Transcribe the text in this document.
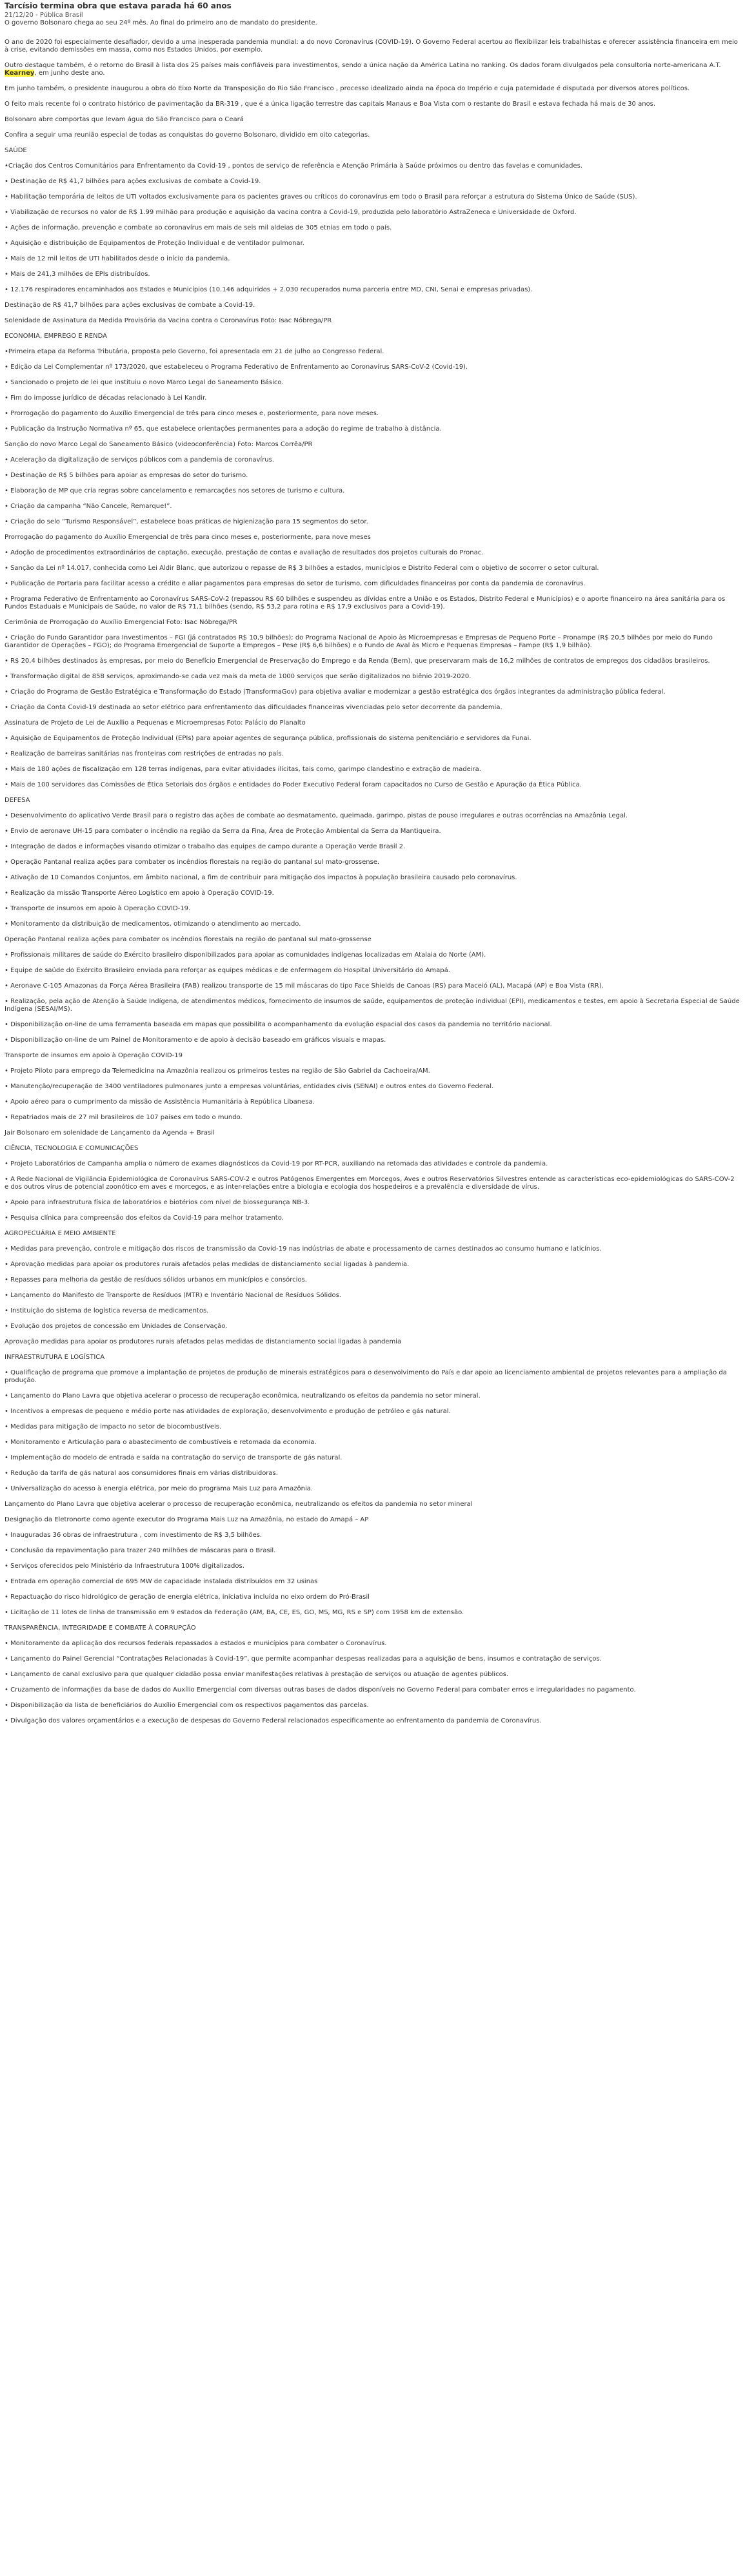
Tarcísio termina obra que estava parada há 60 anos
21/12/20 - Pública Brasil

O governo Bolsonaro chega ao seu 24º mês. Ao final do primeiro ano de mandato do presidente.

O ano de 2020 foi especialmente desafiador, devido a uma inesperada pandemia mundial: a do novo Coronavírus (COVID-19). O Governo Federal acertou ao flexibilizar leis trabalhistas e oferecer assistência financeira em meio à crise, evitando demissões em massa, como nos Estados Unidos, por exemplo.

Outro destaque também, é o retorno do Brasil à lista dos 25 países mais confiáveis para investimentos, sendo a única nação da América Latina no ranking. Os dados foram divulgados pela consultoria norte-americana A.T. Kearney, em junho deste ano.

Em junho também, o presidente inaugurou a obra do Eixo Norte da Transposição do Rio São Francisco , processo idealizado ainda na época do Império e cuja paternidade é disputada por diversos atores políticos.

O feito mais recente foi o contrato histórico de pavimentação da BR-319 , que é a única ligação terrestre das capitais Manaus e Boa Vista com o restante do Brasil e estava fechada há mais de 30 anos.

Bolsonaro abre comportas que levam água do São Francisco para o Ceará

Confira a seguir uma reunião especial de todas as conquistas do governo Bolsonaro, dividido em oito categorias.

SAÚDE

•Criação dos Centros Comunitários para Enfrentamento da Covid-19 , pontos de serviço de referência e Atenção Primária à Saúde próximos ou dentro das favelas e comunidades.

• Destinação de R$ 41,7 bilhões para ações exclusivas de combate a Covid-19.

• Habilitação temporária de leitos de UTI voltados exclusivamente para os pacientes graves ou críticos do coronavírus em todo o Brasil para reforçar a estrutura do Sistema Único de Saúde (SUS).

• Viabilização de recursos no valor de R$ 1.99 milhão para produção e aquisição da vacina contra a Covid-19, produzida pelo laboratório AstraZeneca e Universidade de Oxford.

• Ações de informação, prevenção e combate ao coronavírus em mais de seis mil aldeias de 305 etnias em todo o país.

• Aquisição e distribuição de Equipamentos de Proteção Individual e de ventilador pulmonar.

• Mais de 12 mil leitos de UTI habilitados desde o início da pandemia.

• Mais de 241,3 milhões de EPIs distribuídos.

• 12.176 respiradores encaminhados aos Estados e Municípios (10.146 adquiridos + 2.030 recuperados numa parceria entre MD, CNI, Senai e empresas privadas).

Destinação de R$ 41,7 bilhões para ações exclusivas de combate a Covid-19.

Solenidade de Assinatura da Medida Provisória da Vacina contra o Coronavírus Foto: Isac Nóbrega/PR

ECONOMIA, EMPREGO E RENDA

•Primeira etapa da Reforma Tributária, proposta pelo Governo, foi apresentada em 21 de julho ao Congresso Federal.

• Edição da Lei Complementar nº 173/2020, que estabeleceu o Programa Federativo de Enfrentamento ao Coronavírus SARS-CoV-2 (Covid-19).

• Sancionado o projeto de lei que instituiu o novo Marco Legal do Saneamento Básico.

• Fim do imposse jurídico de décadas relacionado à Lei Kandir.

• Prorrogação do pagamento do Auxílio Emergencial de três para cinco meses e, posteriormente, para nove meses.

• Publicação da Instrução Normativa nº 65, que estabelece orientações permanentes para a adoção do regime de trabalho à distância.

Sanção do novo Marco Legal do Saneamento Básico (videoconferência) Foto: Marcos Corrêa/PR

• Aceleração da digitalização de serviços públicos com a pandemia de coronavírus.

• Destinação de R$ 5 bilhões para apoiar as empresas do setor do turismo.

• Elaboração de MP que cria regras sobre cancelamento e remarcações nos setores de turismo e cultura.

• Criação da campanha “Não Cancele, Remarque!”.

• Criação do selo “Turismo Responsável”, estabelece boas práticas de higienização para 15 segmentos do setor.

Prorrogação do pagamento do Auxílio Emergencial de três para cinco meses e, posteriormente, para nove meses

• Adoção de procedimentos extraordinários de captação, execução, prestação de contas e avaliação de resultados dos projetos culturais do Pronac.

• Sanção da Lei nº 14.017, conhecida como Lei Aldir Blanc, que autorizou o repasse de R$ 3 bilhões a estados, municípios e Distrito Federal com o objetivo de socorrer o setor cultural.

• Publicação de Portaria para facilitar acesso a crédito e aliar pagamentos para empresas do setor de turismo, com dificuldades financeiras por conta da pandemia de coronavírus.

• Programa Federativo de Enfrentamento ao Coronavírus SARS-CoV-2 (repassou R$ 60 bilhões e suspendeu as dívidas entre a União e os Estados, Distrito Federal e Municípios) e o aporte financeiro na área sanitária para os Fundos Estaduais e Municipais de Saúde, no valor de R$ 71,1 bilhões (sendo, R$ 53,2 para rotina e R$ 17,9 exclusivos para a Covid-19).

Cerimônia de Prorrogação do Auxílio Emergencial Foto: Isac Nóbrega/PR

• Criação do Fundo Garantidor para Investimentos – FGI (já contratados R$ 10,9 bilhões); do Programa Nacional de Apoio às Microempresas e Empresas de Pequeno Porte – Pronampe (R$ 20,5 bilhões por meio do Fundo Garantidor de Operações – FGO); do Programa Emergencial de Suporte a Empregos – Pese (R$ 6,6 bilhões) e o Fundo de Aval às Micro e Pequenas Empresas – Fampe (R$ 1,9 bilhão).

• R$ 20,4 bilhões destinados às empresas, por meio do Benefício Emergencial de Preservação do Emprego e da Renda (Bem), que preservaram mais de 16,2 milhões de contratos de empregos dos cidadãos brasileiros.

• Transformação digital de 858 serviços, aproximando-se cada vez mais da meta de 1000 serviços que serão digitalizados no biênio 2019-2020.

• Criação do Programa de Gestão Estratégica e Transformação do Estado (TransformaGov) para objetiva avaliar e modernizar a gestão estratégica dos órgãos integrantes da administração pública federal.

• Criação da Conta Covid-19 destinada ao setor elétrico para enfrentamento das dificuldades financeiras vivenciadas pelo setor decorrente da pandemia.

Assinatura de Projeto de Lei de Auxílio a Pequenas e Microempresas Foto: Palácio do Planalto

• Aquisição de Equipamentos de Proteção Individual (EPIs) para apoiar agentes de segurança pública, profissionais do sistema penitenciário e servidores da Funai.

• Realização de barreiras sanitárias nas fronteiras com restrições de entradas no país.

• Mais de 180 ações de fiscalização em 128 terras indígenas, para evitar atividades ilícitas, tais como, garimpo clandestino e extração de madeira.

• Mais de 100 servidores das Comissões de Ética Setoriais dos órgãos e entidades do Poder Executivo Federal foram capacitados no Curso de Gestão e Apuração da Ética Pública.

DEFESA

• Desenvolvimento do aplicativo Verde Brasil para o registro das ações de combate ao desmatamento, queimada, garimpo, pistas de pouso irregulares e outras ocorrências na Amazônia Legal.

• Envio de aeronave UH-15 para combater o incêndio na região da Serra da Fina, Área de Proteção Ambiental da Serra da Mantiqueira.

• Integração de dados e informações visando otimizar o trabalho das equipes de campo durante a Operação Verde Brasil 2.

• Operação Pantanal realiza ações para combater os incêndios florestais na região do pantanal sul mato-grossense.

• Ativação de 10 Comandos Conjuntos, em âmbito nacional, a fim de contribuir para mitigação dos impactos à população brasileira causado pelo coronavírus.

• Realização da missão Transporte Aéreo Logístico em apoio à Operação COVID-19.

• Transporte de insumos em apoio à Operação COVID-19.

• Monitoramento da distribuição de medicamentos, otimizando o atendimento ao mercado.

Operação Pantanal realiza ações para combater os incêndios florestais na região do pantanal sul mato-grossense

• Profissionais militares de saúde do Exército brasileiro disponibilizados para apoiar as comunidades indígenas localizadas em Atalaia do Norte (AM).

• Equipe de saúde do Exército Brasileiro enviada para reforçar as equipes médicas e de enfermagem do Hospital Universitário do Amapá.

• Aeronave C-105 Amazonas da Força Aérea Brasileira (FAB) realizou transporte de 15 mil máscaras do tipo Face Shields de Canoas (RS) para Maceió (AL), Macapá (AP) e Boa Vista (RR).

• Realização, pela ação de Atenção à Saúde Indígena, de atendimentos médicos, fornecimento de insumos de saúde, equipamentos de proteção individual (EPI), medicamentos e testes, em apoio à Secretaria Especial de Saúde Indígena (SESAI/MS).

• Disponibilização on-line de uma ferramenta baseada em mapas que possibilita o acompanhamento da evolução espacial dos casos da pandemia no território nacional.

• Disponibilização on-line de um Painel de Monitoramento e de apoio à decisão baseado em gráficos visuais e mapas.

Transporte de insumos em apoio à Operação COVID-19

• Projeto Piloto para emprego da Telemedicina na Amazônia realizou os primeiros testes na região de São Gabriel da Cachoeira/AM.

• Manutenção/recuperação de 3400 ventiladores pulmonares junto a empresas voluntárias, entidades civis (SENAI) e outros entes do Governo Federal.

• Apoio aéreo para o cumprimento da missão de Assistência Humanitária à República Libanesa.

• Repatriados mais de 27 mil brasileiros de 107 países em todo o mundo.

Jair Bolsonaro em solenidade de Lançamento da Agenda + Brasil

CIÊNCIA, TECNOLOGIA E COMUNICAÇÕES

• Projeto Laboratórios de Campanha amplia o número de exames diagnósticos da Covid-19 por RT-PCR, auxiliando na retomada das atividades e controle da pandemia.

• A Rede Nacional de Vigilância Epidemiológica de Coronavírus SARS-COV-2 e outros Patógenos Emergentes em Morcegos, Aves e outros Reservatórios Silvestres entende as características eco-epidemiológicas do SARS-COV-2 e dos outros vírus de potencial zoonótico em aves e morcegos, e as inter-relações entre a biologia e ecologia dos hospedeiros e a prevalência e diversidade de vírus.

• Apoio para infraestrutura física de laboratórios e biotérios com nível de biossegurança NB-3.

• Pesquisa clínica para compreensão dos efeitos da Covid-19 para melhor tratamento.

AGROPECUÁRIA E MEIO AMBIENTE

• Medidas para prevenção, controle e mitigação dos riscos de transmissão da Covid-19 nas indústrias de abate e processamento de carnes destinados ao consumo humano e laticínios.

• Aprovação medidas para apoiar os produtores rurais afetados pelas medidas de distanciamento social ligadas à pandemia.

• Repasses para melhoria da gestão de resíduos sólidos urbanos em municípios e consórcios.

• Lançamento do Manifesto de Transporte de Resíduos (MTR) e Inventário Nacional de Resíduos Sólidos.

• Instituição do sistema de logística reversa de medicamentos.

• Evolução dos projetos de concessão em Unidades de Conservação.

Aprovação medidas para apoiar os produtores rurais afetados pelas medidas de distanciamento social ligadas à pandemia

INFRAESTRUTURA E LOGÍSTICA

• Qualificação de programa que promove a implantação de projetos de produção de minerais estratégicos para o desenvolvimento do País e dar apoio ao licenciamento ambiental de projetos relevantes para a ampliação da produção.

• Lançamento do Plano Lavra que objetiva acelerar o processo de recuperação econômica, neutralizando os efeitos da pandemia no setor mineral.

• Incentivos a empresas de pequeno e médio porte nas atividades de exploração, desenvolvimento e produção de petróleo e gás natural.

• Medidas para mitigação de impacto no setor de biocombustíveis.

• Monitoramento e Articulação para o abastecimento de combustíveis e retomada da economia.

• Implementação do modelo de entrada e saída na contratação do serviço de transporte de gás natural.

• Redução da tarifa de gás natural aos consumidores finais em várias distribuidoras.

• Universalização do acesso à energia elétrica, por meio do programa Mais Luz para Amazônia.

Lançamento do Plano Lavra que objetiva acelerar o processo de recuperação econômica, neutralizando os efeitos da pandemia no setor mineral

Designação da Eletronorte como agente executor do Programa Mais Luz na Amazônia, no estado do Amapá – AP

• Inauguradas 36 obras de infraestrutura , com investimento de R$ 3,5 bilhões.

• Conclusão da repavimentação para trazer 240 milhões de máscaras para o Brasil.

• Serviços oferecidos pelo Ministério da Infraestrutura 100% digitalizados.

• Entrada em operação comercial de 695 MW de capacidade instalada distribuídos em 32 usinas

• Repactuação do risco hidrológico de geração de energia elétrica, iniciativa incluída no eixo ordem do Pró-Brasil

• Licitação de 11 lotes de linha de transmissão em 9 estados da Federação (AM, BA, CE, ES, GO, MS, MG, RS e SP) com 1958 km de extensão.

TRANSPARÊNCIA, INTEGRIDADE E COMBATE À CORRUPÇÃO

• Monitoramento da aplicação dos recursos federais repassados a estados e municípios para combater o Coronavírus.

• Lançamento do Painel Gerencial “Contratações Relacionadas à Covid-19”, que permite acompanhar despesas realizadas para a aquisição de bens, insumos e contratação de serviços.

• Lançamento de canal exclusivo para que qualquer cidadão possa enviar manifestações relativas à prestação de serviços ou atuação de agentes públicos.

• Cruzamento de informações da base de dados do Auxílio Emergencial com diversas outras bases de dados disponíveis no Governo Federal para combater erros e irregularidades no pagamento.

• Disponibilização da lista de beneficiários do Auxílio Emergencial com os respectivos pagamentos das parcelas.

• Divulgação dos valores orçamentários e a execução de despesas do Governo Federal relacionados especificamente ao enfrentamento da pandemia de Coronavírus.
